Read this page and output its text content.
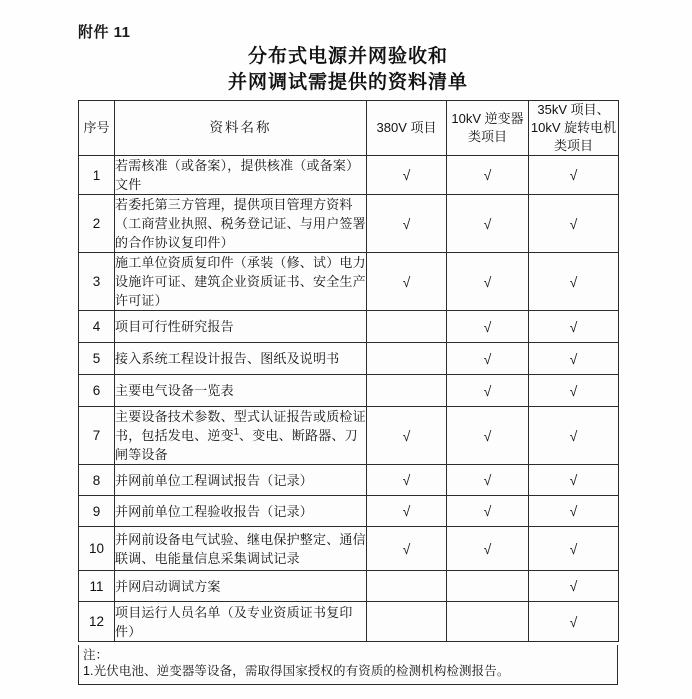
附件 11
分布式电源并网验收和
并网调试需提供的资料清单
序号	资料名称	380V 项目	10kV 逆变器类项目	35kV 项目、10kV 旋转电机类项目
1	若需核准（或备案），提供核准（或备案）文件	√	√	√
2	若委托第三方管理，提供项目管理方资料（工商营业执照、税务登记证、与用户签署的合作协议复印件）	√	√	√
3	施工单位资质复印件（承装（修、试）电力设施许可证、建筑企业资质证书、安全生产许可证）	√	√	√
4	项目可行性研究报告		√	√
5	接入系统工程设计报告、图纸及说明书		√	√
6	主要电气设备一览表		√	√
7	主要设备技术参数、型式认证报告或质检证书，包括发电、逆变$^1$、变电、断路器、刀闸等设备	√	√	√
8	并网前单位工程调试报告（记录）	√	√	√
9	并网前单位工程验收报告（记录）	√	√	√
10	并网前设备电气试验、继电保护整定、通信联调、电能量信息采集调试记录	√	√	√
11	并网启动调试方案			√
12	项目运行人员名单（及专业资质证书复印件）			√
注：
1.光伏电池、逆变器等设备，需取得国家授权的有资质的检测机构检测报告。
